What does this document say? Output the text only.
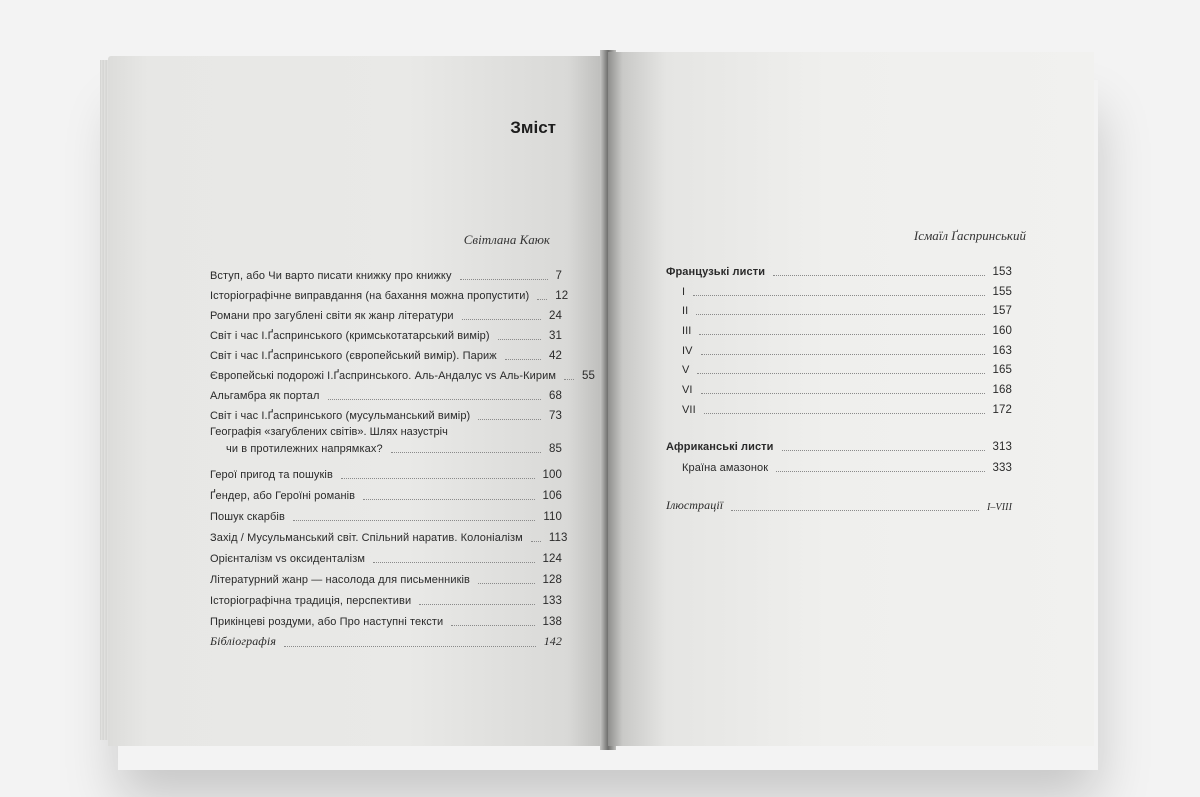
Зміст
Світлана Каюк
Вступ, або Чи варто писати книжку про книжку	7
Історіографічне виправдання (на бахання можна пропустити) 12
Романи про загублені світи як жанр літератури	24
Світ і час І.Ґаспринського (кримськотатарський вимір)	31
Світ і час І.Ґаспринського (європейський вимір). Париж	42
Європейські подорожі І.Ґаспринського. Аль-Андалус vs Аль-Кирим 55
Альгамбра як портал	68
Світ і час І.Ґаспринського (мусульманський вимір)	73
Географія «загублених світів». Шлях назустріч
чи в протилежних напрямках?	85
Герої пригод та пошуків	100
Ґендер, або Героїні романів	106
Пошук скарбів	110
Захід / Мусульманський світ. Спільний наратив. Колоніалізм 113
Орієнталізм vs оксиденталізм	124
Літературний жанр — насолода для письменників	128
Історіографічна традиція, перспективи	133
Прикінцеві роздуми, або Про наступні тексти	138
Бібліографія	142
Ісмаїл Ґаспринський
Французькі листи	153
I	155
II	157
III	160
IV	163
V	165
VI	168
VII	172
Африканські листи	313
Країна амазонок	333
Ілюстрації	I–VIII
